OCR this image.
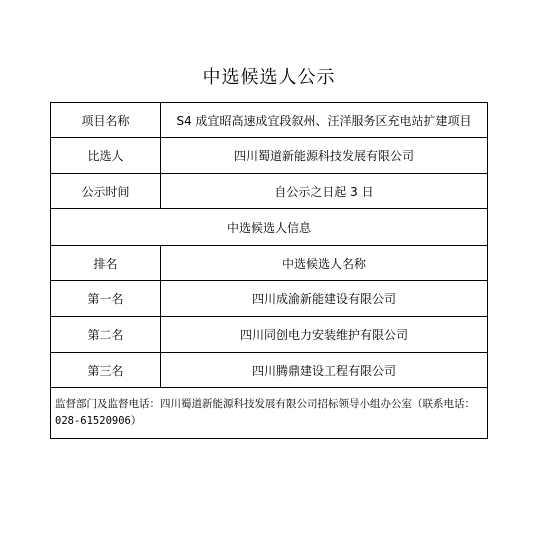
中选候选人公示
项目名称	S4 成宜昭高速成宜段叙州、汪洋服务区充电站扩建项目
比选人	四川蜀道新能源科技发展有限公司
公示时间	自公示之日起 3 日
中选候选人信息	
排名	中选候选人名称
第一名	四川成渝新能建设有限公司
第二名	四川同创电力安装维护有限公司
第三名	四川腾鼎建设工程有限公司
监督部门及监督电话：四川蜀道新能源科技发展有限公司招标领导小组办公室（联系电话：028-61520906）	
